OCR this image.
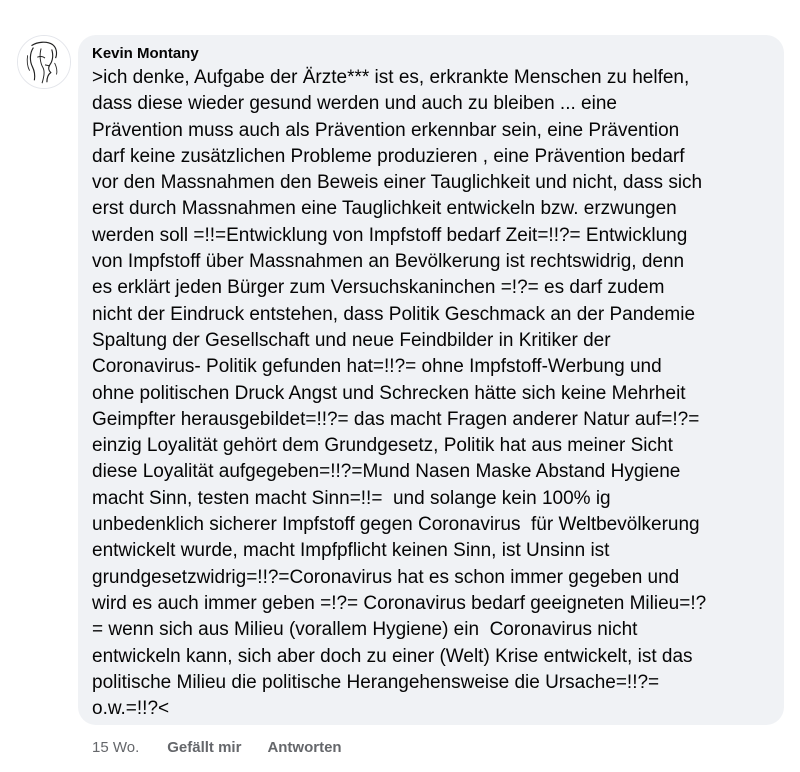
Kevin Montany
>ich denke, Aufgabe der Ärzte*** ist es, erkrankte Menschen zu helfen,
dass diese wieder gesund werden und auch zu bleiben ... eine
Prävention muss auch als Prävention erkennbar sein, eine Prävention
darf keine zusätzlichen Probleme produzieren , eine Prävention bedarf
vor den Massnahmen den Beweis einer Tauglichkeit und nicht, dass sich
erst durch Massnahmen eine Tauglichkeit entwickeln bzw. erzwungen
werden soll =!!=Entwicklung von Impfstoff bedarf Zeit=!!?= Entwicklung
von Impfstoff über Massnahmen an Bevölkerung ist rechtswidrig, denn
es erklärt jeden Bürger zum Versuchskaninchen =!?= es darf zudem
nicht der Eindruck entstehen, dass Politik Geschmack an der Pandemie
Spaltung der Gesellschaft und neue Feindbilder in Kritiker der
Coronavirus- Politik gefunden hat=!!?= ohne Impfstoff-Werbung und
ohne politischen Druck Angst und Schrecken hätte sich keine Mehrheit
Geimpfter herausgebildet=!!?= das macht Fragen anderer Natur auf=!?=
einzig Loyalität gehört dem Grundgesetz, Politik hat aus meiner Sicht
diese Loyalität aufgegeben=!!?=Mund Nasen Maske Abstand Hygiene
macht Sinn, testen macht Sinn=!!=  und solange kein 100% ig
unbedenklich sicherer Impfstoff gegen Coronavirus  für Weltbevölkerung
entwickelt wurde, macht Impfpflicht keinen Sinn, ist Unsinn ist
grundgesetzwidrig=!!?=Coronavirus hat es schon immer gegeben und
wird es auch immer geben =!?= Coronavirus bedarf geeigneten Milieu=!?
= wenn sich aus Milieu (vorallem Hygiene) ein  Coronavirus nicht
entwickeln kann, sich aber doch zu einer (Welt) Krise entwickelt, ist das
politische Milieu die politische Herangehensweise die Ursache=!!?=
o.w.=!!?<
15 Wo. Gefällt mir Antworten
